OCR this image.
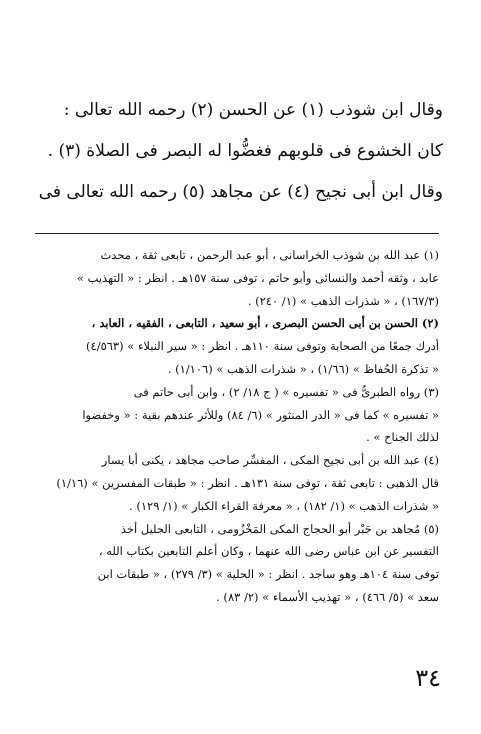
وقال ابن شوذب (١) عن الحسن (٢) رحمه الله تعالى :
كان الخشوع فى قلوبهم فغضُّوا له البصر فى الصلاة (٣) .
وقال ابن أبى نجيح (٤) عن مجاهد (٥) رحمه الله تعالى فى
(١) عبد الله بن شوذب الخراسانى ، أبو عبد الرحمن ، تابعى ثقة ، محدث
عابد ، وثقه أحمد والنسائى وأبو حاتم ، توفى سنة ١٥٧هـ . انظر : « التهذيب »
(١٦٧/٣) ، « شذرات الذهب » (١/ ٢٤٠) .
(٢) الحسن بن أبى الحسن البصرى ، أبو سعيد ، التابعى ، الفقيه ، العابد ،
أدرك جمعًا من الصحابة وتوفى سنة ١١٠هـ . انظر : « سير النبلاء » (٤/٥٦٣)
« تذكرة الحُفاظ » (١/٦٦) ، « شذرات الذهب » (١/١٠٦) .
(٣) رواه الطبرىُّ فى « تفسيره » ( ج ١٨/ ٢) ، وابن أبى حاتم فى
« تفسيره » كما فى « الدر المنثور » (٦/ ٨٤) وللأثر عندهم بقية : « وخفضوا
لذلك الجناح » .
(٤) عبد الله بن أبى نجيح المكى ، المفسِّر صاحب مجاهد ، يكنى أبا يسار
قال الذهبى : تابعى ثقة ، توفى سنة ١٣١هـ . انظر : « طبقات المفسرين » (١/١٦)
« شذرات الذهب » (١/ ١٨٢) ، « معرفة القراء الكبار » (١/ ١٢٩) .
(٥) مُجاهد بن جَبْر أبو الحجاج المكى المَخْزُومى ، التابعى الجليل أخذ
التفسير عن ابن عباس رضى الله عنهما ، وكان أعلم التابعين بكتاب الله ،
توفى سنة ١٠٤هـ وهو ساجد . انظر : « الحلية » (٣/ ٢٧٩) ، « طبقات ابن
سعد » (٥/ ٤٦٦) ، « تهذيب الأسماء » (٢/ ٨٣) .
٣٤
